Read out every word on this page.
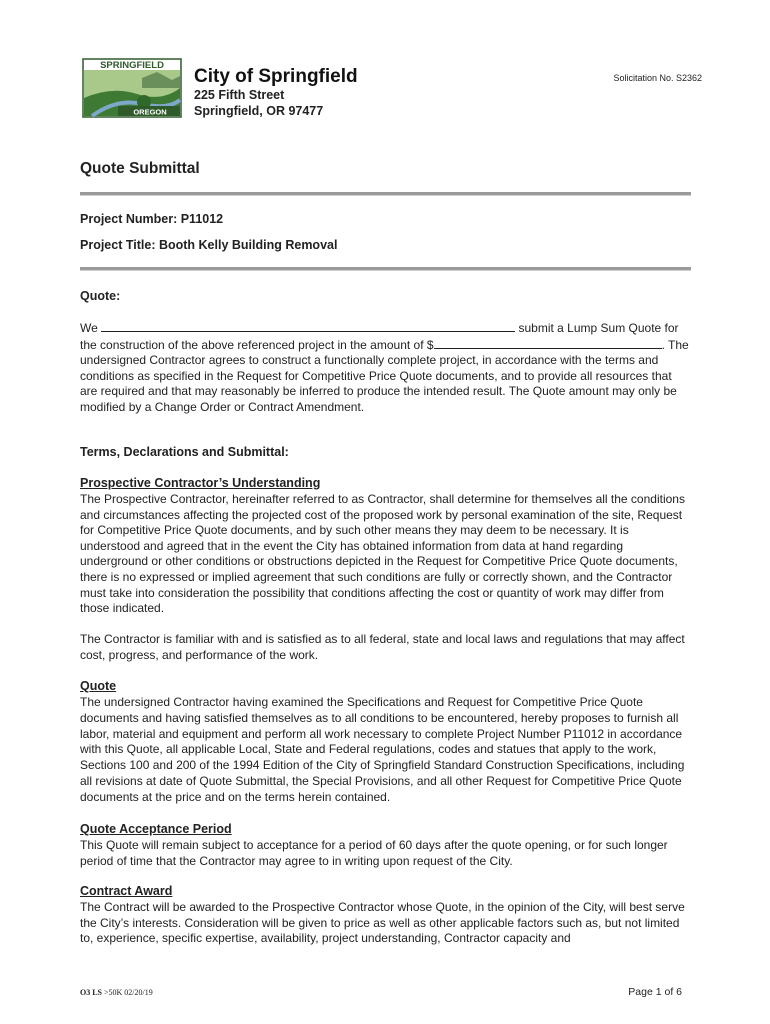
SPRINGFIELD
OREGON
City of Springfield
225 Fifth Street
Springfield, OR 97477
Solicitation No. S2362
Quote Submittal
Project Number: P11012
Project Title: Booth Kelly Building Removal
Quote:

We	submit a Lump Sum Quote for the construction of the above referenced project in the amount of $	. The undersigned Contractor agrees to construct a functionally complete project, in accordance with the terms and conditions as specified in the Request for Competitive Price Quote documents, and to provide all resources that are required and that may reasonably be inferred to produce the intended result. The Quote amount may only be modified by a Change Order or Contract Amendment.

Terms, Declarations and Submittal:
Prospective Contractor’s Understanding

The Prospective Contractor, hereinafter referred to as Contractor, shall determine for themselves all the conditions and circumstances affecting the projected cost of the proposed work by personal examination of the site, Request for Competitive Price Quote documents, and by such other means they may deem to be necessary. It is understood and agreed that in the event the City has obtained information from data at hand regarding underground or other conditions or obstructions depicted in the Request for Competitive Price Quote documents, there is no expressed or implied agreement that such conditions are fully or correctly shown, and the Contractor must take into consideration the possibility that conditions affecting the cost or quantity of work may differ from those indicated.

The Contractor is familiar with and is satisfied as to all federal, state and local laws and regulations that may affect cost, progress, and performance of the work.

Quote

The undersigned Contractor having examined the Specifications and Request for Competitive Price Quote documents and having satisfied themselves as to all conditions to be encountered, hereby proposes to furnish all labor, material and equipment and perform all work necessary to complete Project Number P11012 in accordance with this Quote, all applicable Local, State and Federal regulations, codes and statues that apply to the work, Sections 100 and 200 of the 1994 Edition of the City of Springfield Standard Construction Specifications, including all revisions at date of Quote Submittal, the Special Provisions, and all other Request for Competitive Price Quote documents at the price and on the terms herein contained.

Quote Acceptance Period

This Quote will remain subject to acceptance for a period of 60 days after the quote opening, or for such longer period of time that the Contractor may agree to in writing upon request of the City.

Contract Award

The Contract will be awarded to the Prospective Contractor whose Quote, in the opinion of the City, will best serve the City’s interests. Consideration will be given to price as well as other applicable factors such as, but not limited to, experience, specific expertise, availability, project understanding, Contractor capacity and

O3 LS >50K 02/20/19	Page 1 of 6
